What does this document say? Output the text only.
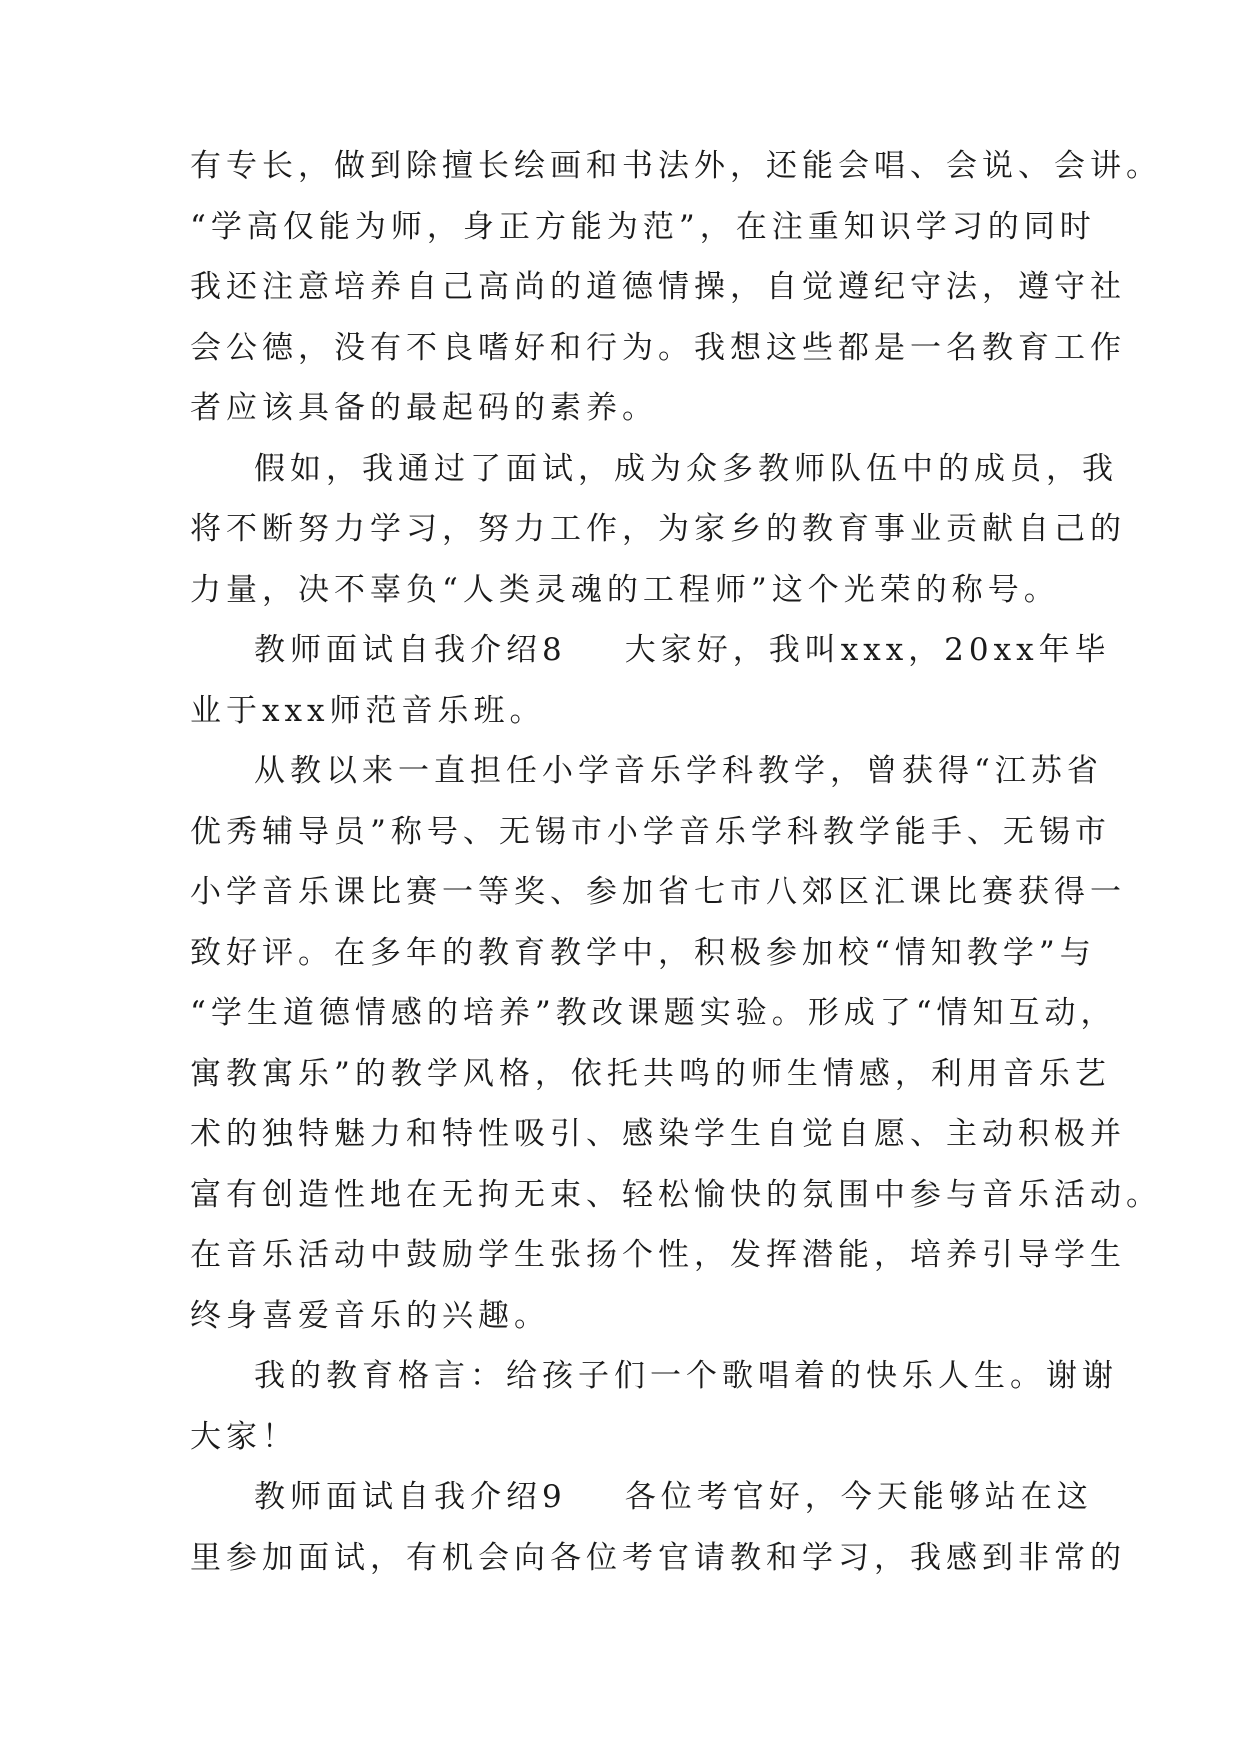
有专长，做到除擅长绘画和书法外，还能会唱、会说、会讲。
“学高仅能为师，身正方能为范”，在注重知识学习的同时
我还注意培养自己高尚的道德情操，自觉遵纪守法，遵守社
会公德，没有不良嗜好和行为。我想这些都是一名教育工作
者应该具备的最起码的素养。
假如，我通过了面试，成为众多教师队伍中的成员，我
将不断努力学习，努力工作，为家乡的教育事业贡献自己的
力量，决不辜负“人类灵魂的工程师”这个光荣的称号。
教师面试自我介绍8 大家好，我叫xxx，20xx年毕
业于xxx师范音乐班。
从教以来一直担任小学音乐学科教学，曾获得“江苏省
优秀辅导员”称号、无锡市小学音乐学科教学能手、无锡市
小学音乐课比赛一等奖、参加省七市八郊区汇课比赛获得一
致好评。在多年的教育教学中，积极参加校“情知教学”与
“学生道德情感的培养”教改课题实验。形成了“情知互动，
寓教寓乐”的教学风格，依托共鸣的师生情感，利用音乐艺
术的独特魅力和特性吸引、感染学生自觉自愿、主动积极并
富有创造性地在无拘无束、轻松愉快的氛围中参与音乐活动。
在音乐活动中鼓励学生张扬个性，发挥潜能，培养引导学生
终身喜爱音乐的兴趣。
我的教育格言：给孩子们一个歌唱着的快乐人生。谢谢
大家！
教师面试自我介绍9 各位考官好，今天能够站在这
里参加面试，有机会向各位考官请教和学习，我感到非常的
